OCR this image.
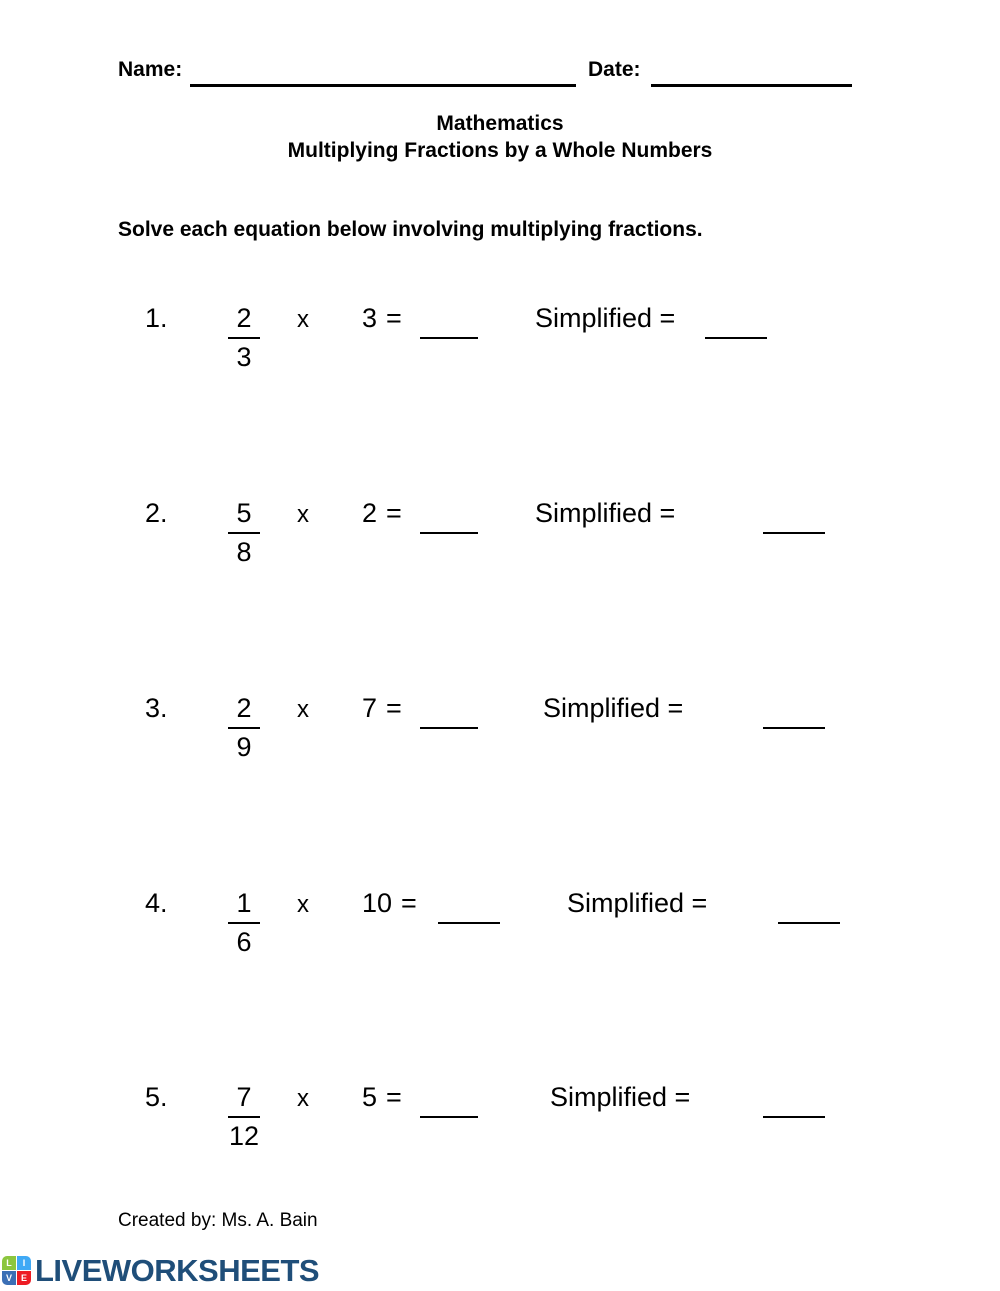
Name:	Date:
Mathematics
Multiplying Fractions by a Whole Numbers
Solve each equation below involving multiplying fractions.
1. $\frac{2}{3}$ x 3 =	Simplified =
2. $\frac{5}{8}$ x 2 =	Simplified =
3. $\frac{2}{9}$ x 7 =	Simplified =
4. $\frac{1}{6}$ x 10 =	Simplified =
5. $\frac{7}{12}$ x 5 =	Simplified =
Created by: Ms. A. Bain
L	I
V E LIVEWORKSHEETS
